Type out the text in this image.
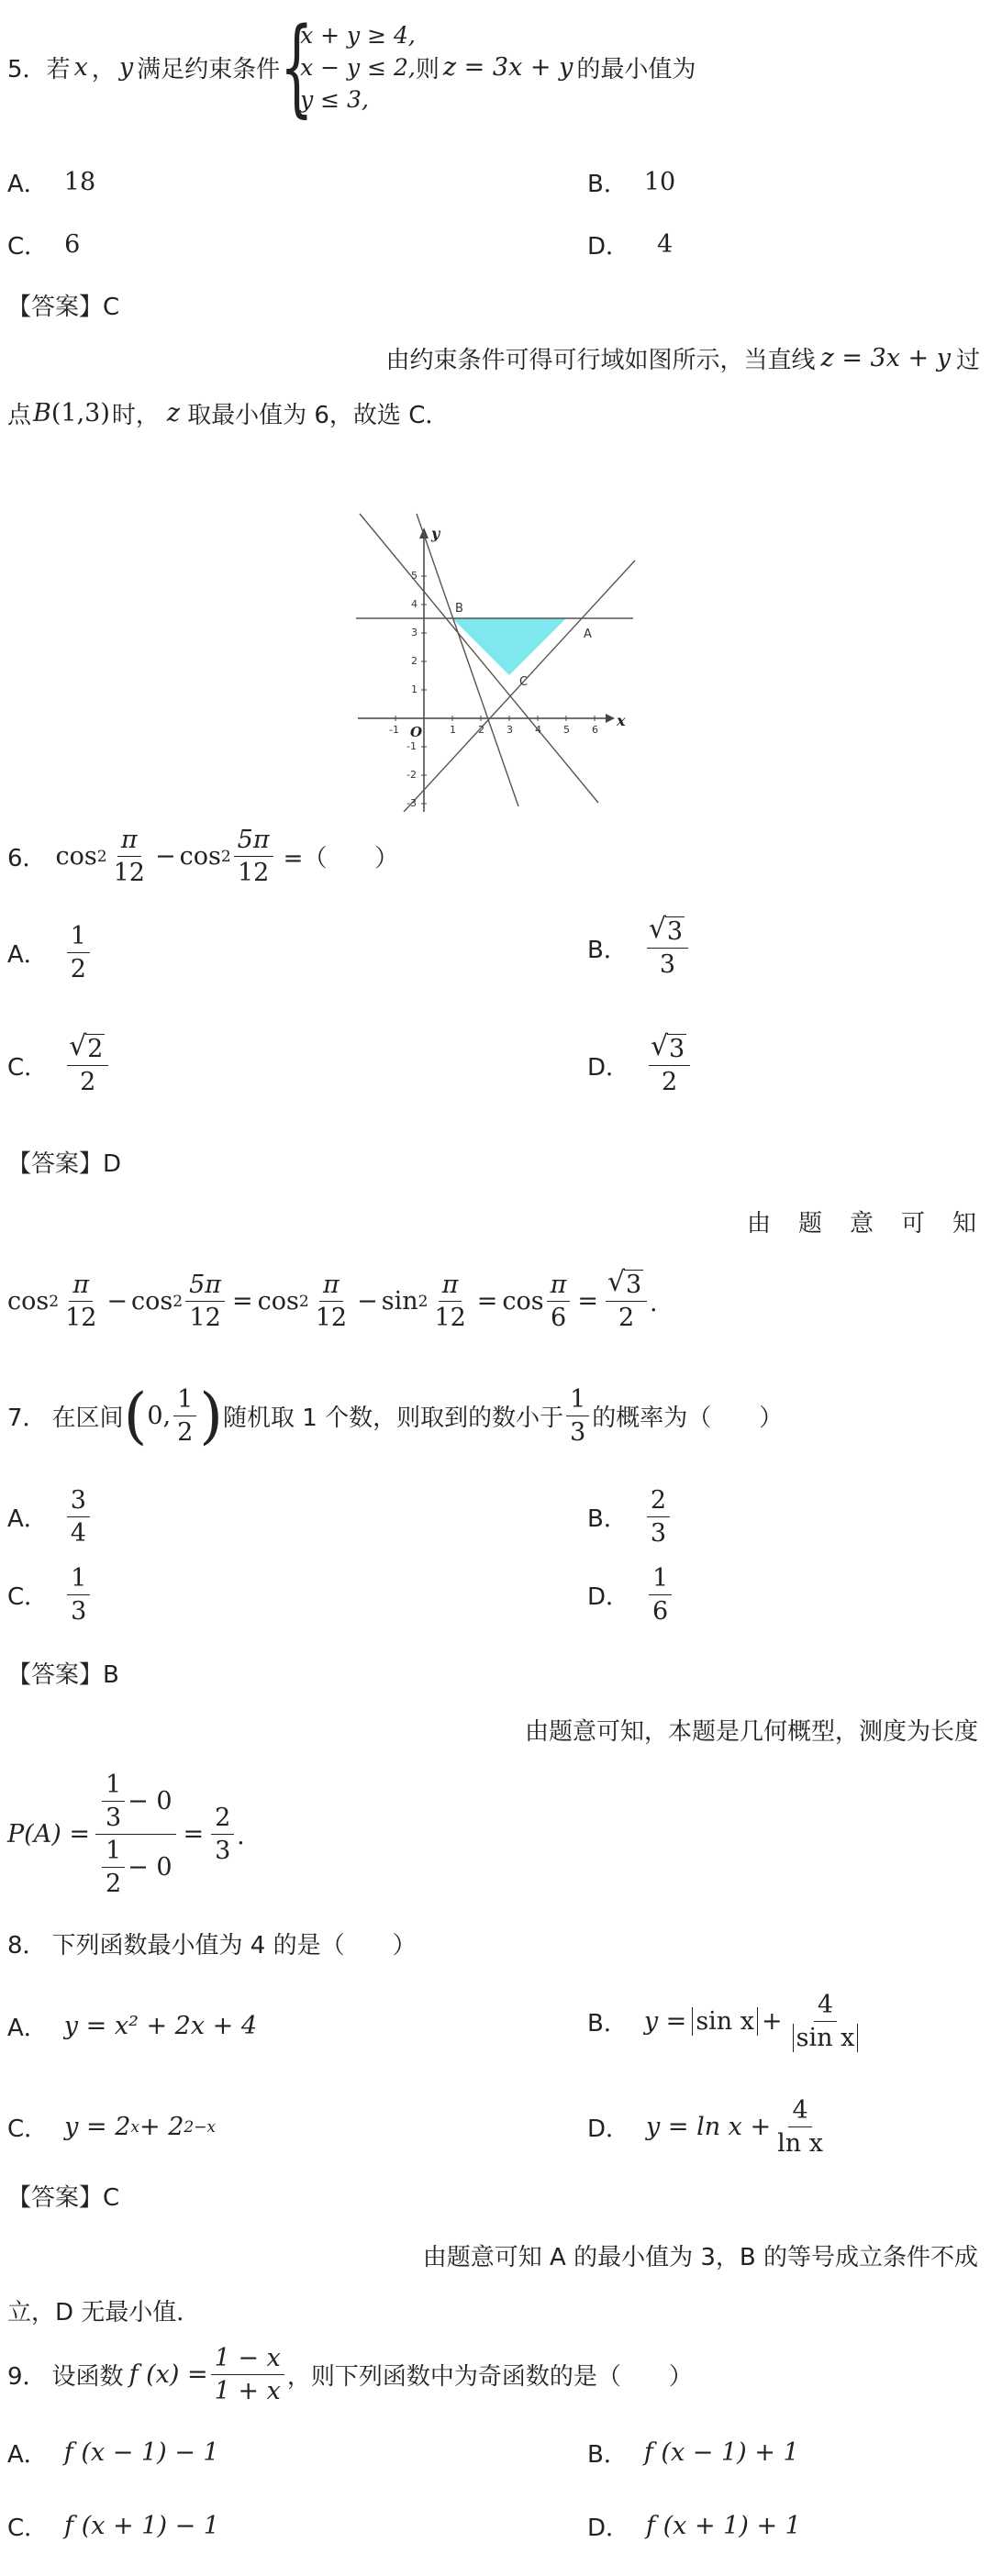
5． 若 x ， y 满足约束条件 {
x + y ≥ 4,
x − y ≤ 2,
y ≤ 3,
则 z = 3x + y 的最小值为
A． 18	B． 10
C． 6	D． 4
【答案】C
由约束条件可得可行域如图所示，当直线 z = 3x + y 过
点 B(1,3) 时， z 取最小值为 6，故选 C．
-1	1 2 3 4 5 6
5
4
3
2
1
-1
-2
-3
B
A
C
x
y
O
6． $\cos 2 \frac{\pi}{12} - \cos 2 \frac{5\pi}{12}$ =（　　）
A． $\frac{1}{2}$	B． √ $\frac{3}{3}$
C． √ $\frac{2}{2}$	D． √ $\frac{3}{2}$
【答案】D
由　题　意　可　知
$\cos 2 \frac{\pi}{12} - \cos 2 \frac{5\pi}{12} = \cos 2 \frac{\pi}{12} - \sin 2 \frac{\pi}{12} = \cos \frac{\pi}{6}$ = √ $\frac{3}{2}$ ．
7． 在区间 ( 0, $\frac{1}{2}$ ) 随机取 1 个数，则取到的数小于 $\frac{1}{3}$ 的概率为（　　）
A． $\frac{3}{4}$	B． $\frac{2}{3}$
C． $\frac{1}{3}$	D． $\frac{1}{6}$
【答案】B
由题意可知，本题是几何概型，测度为长度
$P(A) = \frac{\frac{1}{3} - 0}{\frac{1}{2} - 0} = \frac{2}{3}$ ．
8． 下列函数最小值为 4 的是（　　）
A． y = x² + 2x + 4	B． $y = \sin x + \frac{4}{\text{sin x}}$
C． y = 2 x + 2 2−x	D． $y = \ln x + \frac{4}{\text{ln x}}$
【答案】C
由题意可知 A 的最小值为 3，B 的等号成立条件不成
立，D 无最小值．
9． 设函数 f $(x) = \frac{1 - x}{1 + x}$ ，则下列函数中为奇函数的是（　　）
A． f (x − 1) − 1	B． f (x − 1) + 1
C． f (x + 1) − 1	D． f (x + 1) + 1
